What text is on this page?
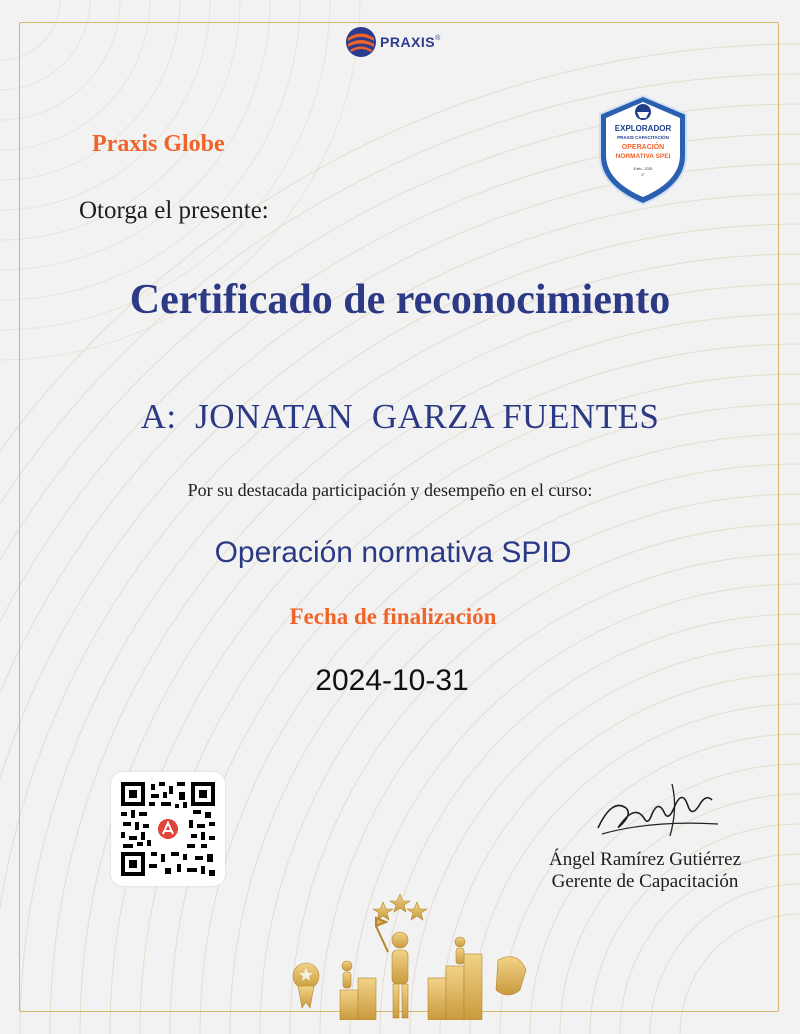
PRAXIS ®
Praxis Globe
Otorga el presente:
Certificado de reconocimiento
A:  JONATAN  GARZA FUENTES
Por su destacada participación y desempeño en el curso:
Operación normativa SPID
Fecha de finalización
2024-10-31
EXPLORADOR
PRAXIS CAPACITACIÓN
OPERACIÓN
NORMATIVA SPEI
8 feb - 2025
2°
Ángel Ramírez Gutiérrez
Gerente de Capacitación
